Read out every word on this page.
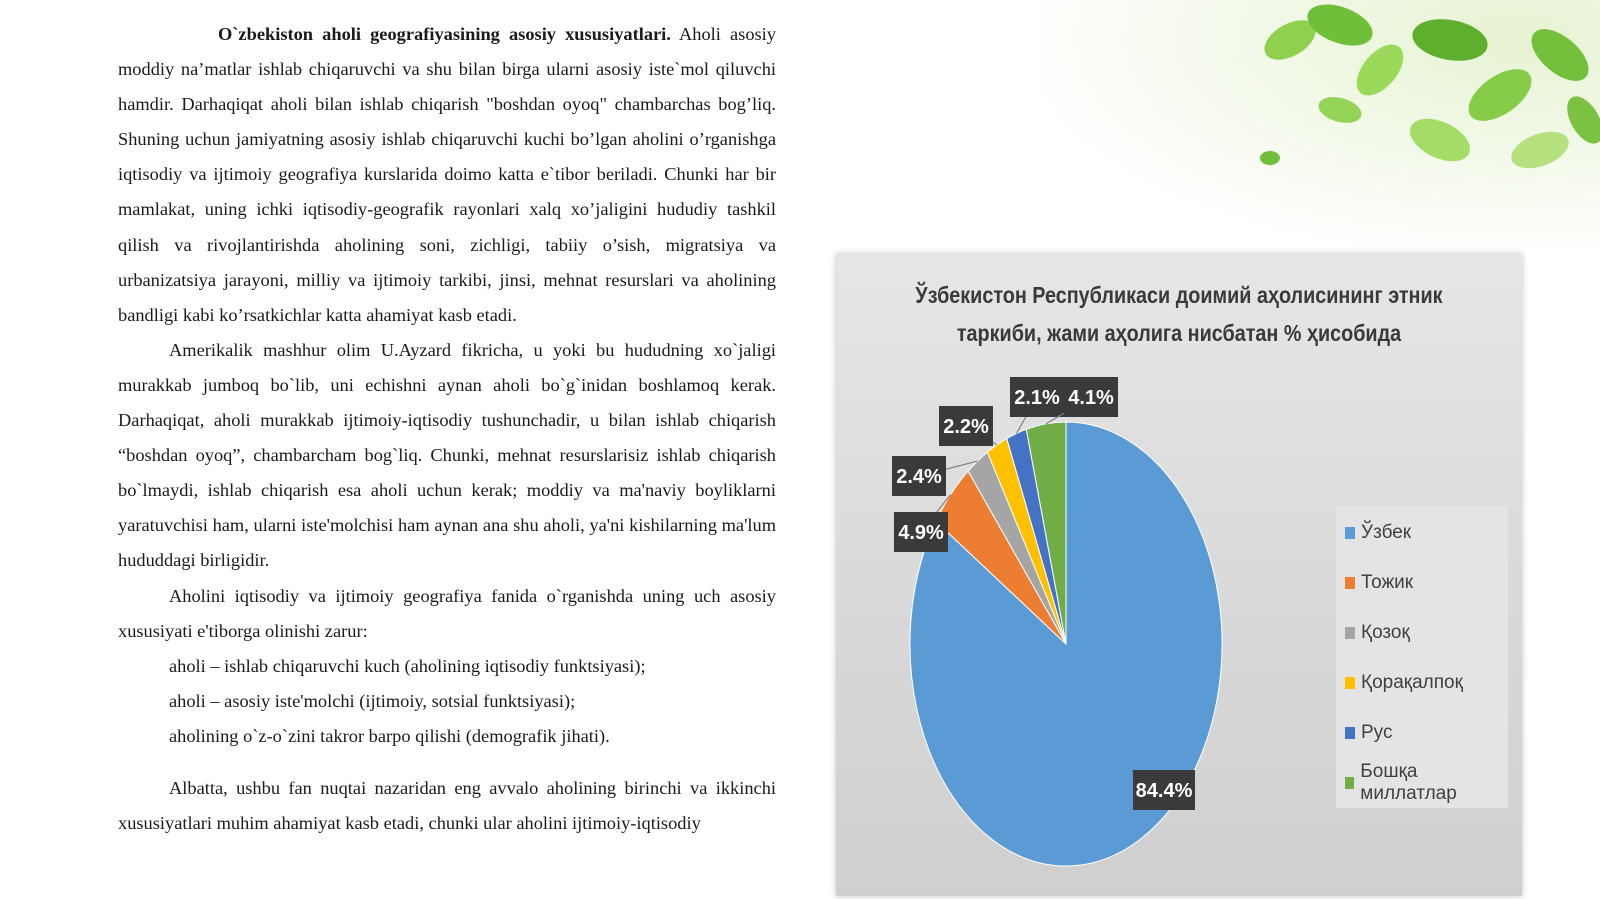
O`zbekiston aholi geografiyasining asosiy xususiyatlari. Aholi asosiy moddiy na’matlar ishlab chiqaruvchi va shu bilan birga ularni asosiy iste`mol qiluvchi hamdir. Darhaqiqat aholi bilan ishlab chiqarish "boshdan oyoq" chambarchas bog’liq. Shuning uchun jamiyatning asosiy ishlab chiqaruvchi kuchi bo’lgan aholini o’rganishga iqtisodiy va ijtimoiy geografiya kurslarida doimo katta e`tibor beriladi. Chunki har bir mamlakat, uning ichki iqtisodiy-geografik rayonlari xalq xo’jaligini hududiy tashkil qilish va rivojlantirishda aholining soni, zichligi, tabiiy o’sish, migratsiya va urbanizatsiya jarayoni, milliy va ijtimoiy tarkibi, jinsi, mehnat resurslari va aholining bandligi kabi ko’rsatkichlar katta ahamiyat kasb etadi.

Amerikalik mashhur olim U.Ayzard fikricha, u yoki bu hududning xo`jaligi murakkab jumboq bo`lib, uni echishni aynan aholi bo`g`inidan boshlamoq kerak. Darhaqiqat, aholi murakkab ijtimoiy-iqtisodiy tushunchadir, u bilan ishlab chiqarish “boshdan oyoq”, chambarcham bog`liq. Chunki, mehnat resurslarisiz ishlab chiqarish bo`lmaydi, ishlab chiqarish esa aholi uchun kerak; moddiy va ma'naviy boyliklarni yaratuvchisi ham, ularni iste'molchisi ham aynan ana shu aholi, ya'ni kishilarning ma'lum hududdagi birligidir.

Aholini iqtisodiy va ijtimoiy geografiya fanida o`rganishda uning uch asosiy xususiyati e'tiborga olinishi zarur:

aholi – ishlab chiqaruvchi kuch (aholining iqtisodiy funktsiyasi);

aholi – asosiy iste'molchi (ijtimoiy, sotsial funktsiyasi);

aholining o`z-o`zini takror barpo qilishi (demografik jihati).

Albatta, ushbu fan nuqtai nazaridan eng avvalo aholining birinchi va ikkinchi xususiyatlari muhim ahamiyat kasb etadi, chunki ular aholini ijtimoiy-iqtisodiy

Ўзбекистон Республикаси доимий аҳолисининг этник
таркиби, жами аҳолига нисбатан % ҳисобида
84.4%
4.9%
2.4%
2.2%
2.1% 4.1%
Ўзбек
Тожик
Қозоқ
Қорақалпоқ
Рус
Бошқа миллатлар
